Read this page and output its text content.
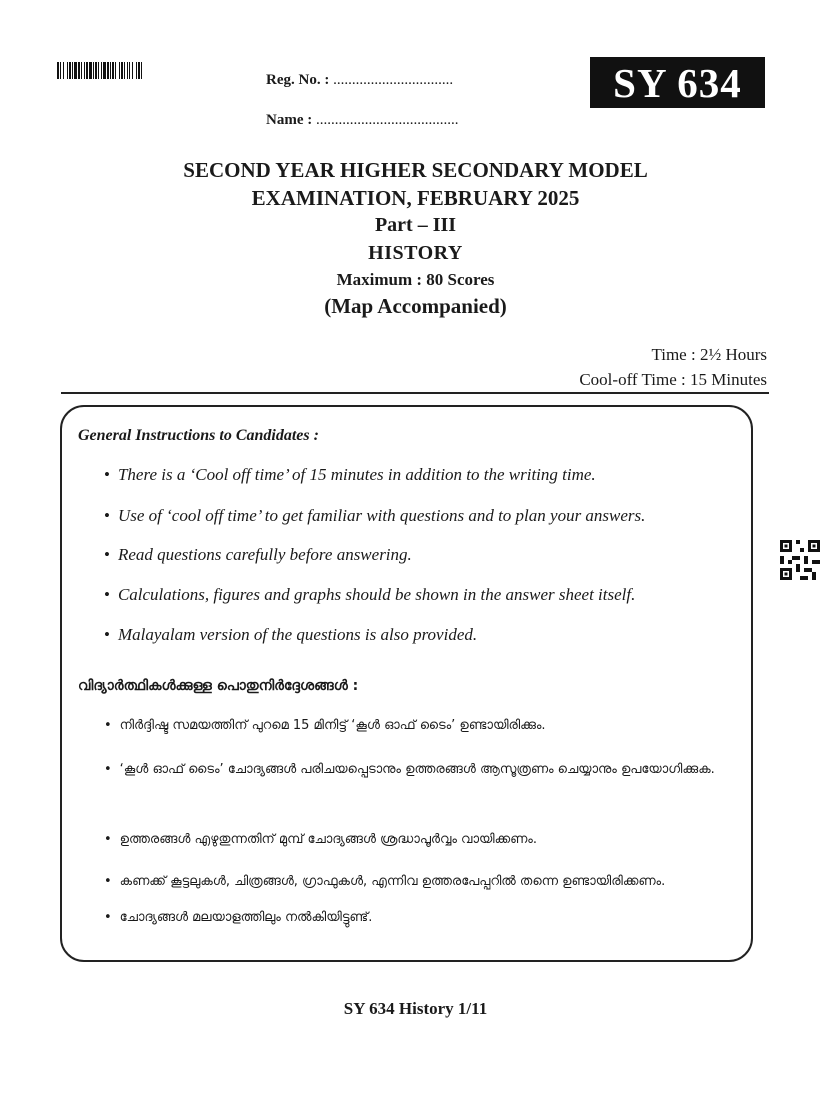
Reg. No. : ................................
Name : ......................................
SY 634
SECOND YEAR HIGHER SECONDARY MODEL
EXAMINATION, FEBRUARY 2025
Part – III
HISTORY
Maximum : 80 Scores
(Map Accompanied)
Time : 2½ Hours
Cool-off Time : 15 Minutes
General Instructions to Candidates :
• There is a ‘Cool off time’ of 15 minutes in addition to the writing time.
• Use of ‘cool off time’ to get familiar with questions and to plan your answers.
• Read questions carefully before answering.
• Calculations, figures and graphs should be shown in the answer sheet itself.
• Malayalam version of the questions is also provided.
വിദ്യാർത്ഥികൾക്കുള്ള പൊതുനിർദ്ദേശങ്ങൾ :
• നിർദ്ദിഷ്ട സമയത്തിന് പുറമെ 15 മിനിട്ട് ‘കൂൾ ഓഫ് ടൈം’ ഉണ്ടായിരിക്കും.
• ‘കൂൾ ഓഫ് ടൈം’ ചോദ്യങ്ങൾ പരിചയപ്പെടാനും ഉത്തരങ്ങൾ ആസൂത്രണം ചെയ്യാനും ഉപയോഗിക്കുക.
• ഉത്തരങ്ങൾ എഴുതുന്നതിന് മുമ്പ് ചോദ്യങ്ങൾ ശ്രദ്ധാപൂർവ്വം വായിക്കണം.
• കണക്ക് കൂട്ടലുകൾ, ചിത്രങ്ങൾ, ഗ്രാഫുകൾ, എന്നിവ ഉത്തരപേപ്പറിൽ തന്നെ ഉണ്ടായിരിക്കണം.
• ചോദ്യങ്ങൾ മലയാളത്തിലും നൽകിയിട്ടുണ്ട്.
SY 634 History 1/11
